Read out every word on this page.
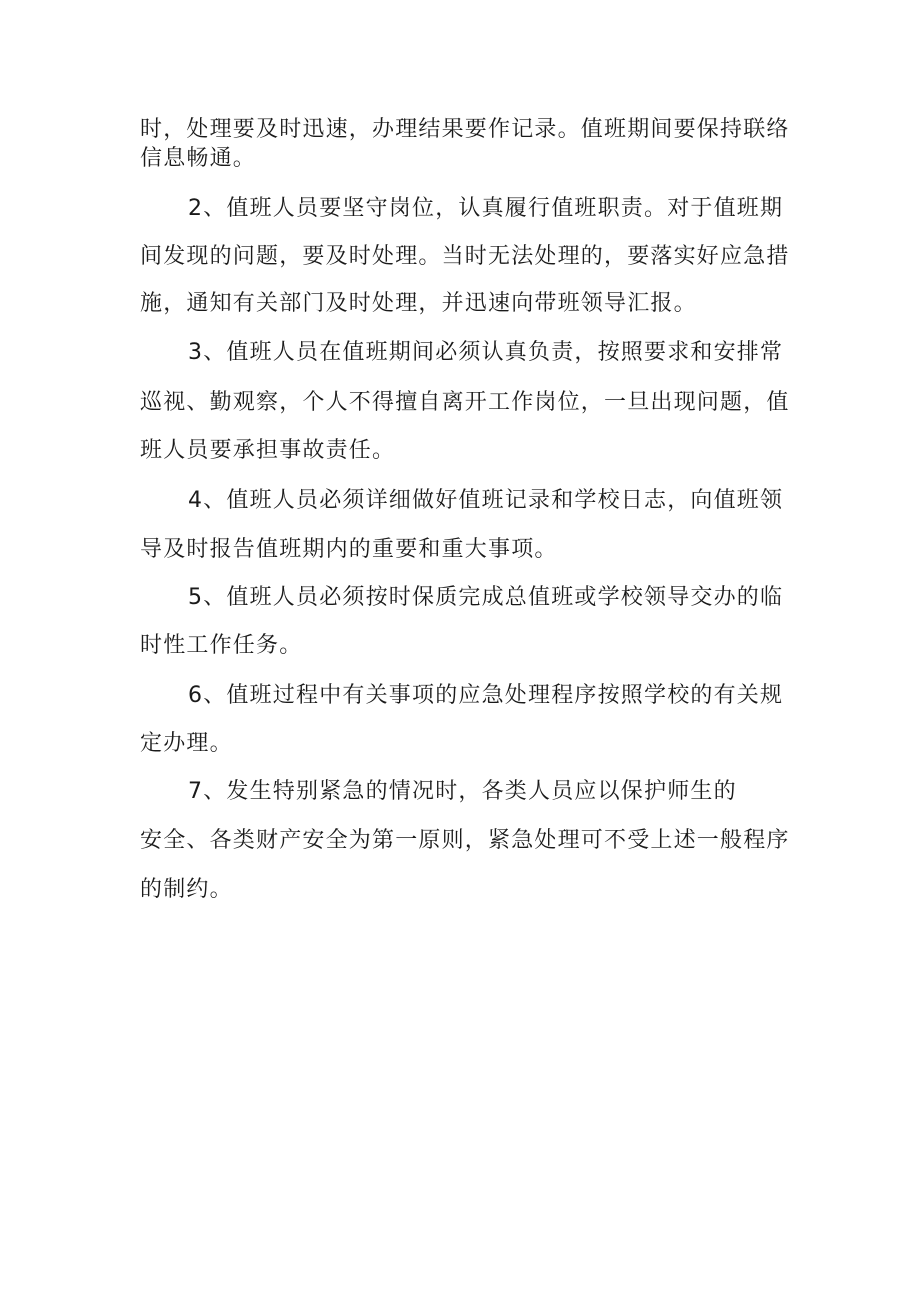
时，处理要及时迅速，办理结果要作记录。值班期间要保持联络
信息畅通。
2、值班人员要坚守岗位，认真履行值班职责。对于值班期
间发现的问题，要及时处理。当时无法处理的，要落实好应急措
施，通知有关部门及时处理，并迅速向带班领导汇报。
3、值班人员在值班期间必须认真负责，按照要求和安排常
巡视、勤观察，个人不得擅自离开工作岗位，一旦出现问题，值
班人员要承担事故责任。
4、值班人员必须详细做好值班记录和学校日志，向值班领
导及时报告值班期内的重要和重大事项。
5、值班人员必须按时保质完成总值班或学校领导交办的临
时性工作任务。
6、值班过程中有关事项的应急处理程序按照学校的有关规
定办理。
7、发生特别紧急的情况时，各类人员应以保护师生的
安全、各类财产安全为第一原则，紧急处理可不受上述一般程序
的制约。
